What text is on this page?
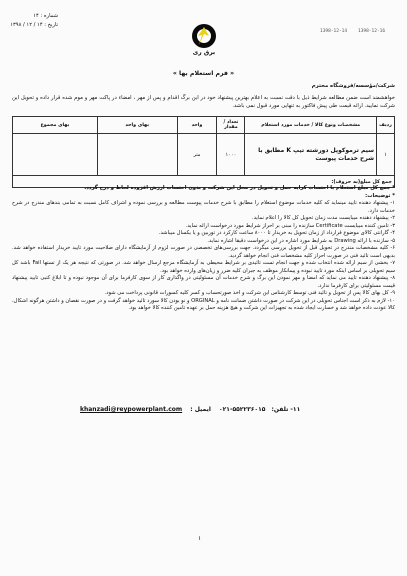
شماره : ۱۴
تاریخ : ۱۴ / ۱۲ / ۱۳۹۸
1398-12-14 1398-12-16
برق ری
« فرم استعلام بها »
شرکت/مؤسسه/فروشگاه محترم
خواهشمند است ضمن مطالعه شرایط ذیل با دقت نسبت به اعلام بهترین پیشنهاد خود در این برگ اقدام و پس از مهر ، امضاء در پاکت مهر و موم شده قرار داده و تحویل این شرکت نمایید. ارائه قیمت طی پیش فاکتور به تنهایی مورد قبول نمی باشد.
ردیف	مشخصات ونوع کالا / خدمات مورد استعلام	تعداد / مقدار	واحد	بهای واحد	بهای مجموع
۱	سیم ترموکوپل دورشته تیپ K مطابق با شرح خدمات پیوست	۱۰۰۰	متر		
جمع کل مبلغ(به حروف):					

* جمع کل مبلغ استعلام با احتساب کرایه حمل و تحویل در محل این شرکت و بدون احتساب ارزش افزوده لحاظ و درج گردد.

* توضیحات:

۱- پیشنهاد دهنده تایید مینماید که کلیه خدمات موضوع استعلام را مطابق با شرح خدمات پیوست مطالعه و بررسی نموده و اشراف کامل نسبت به تمامی بندهای مندرج در شرح خدمات دارد.

۲- پیشنهاد دهنده میبایست مدت زمان تحویل کل کالا را اعلام نماید.

۳- تامین کننده میبایست Certificate سازنده را مبنی بر احراز شرایط مورد درخواست ارائه نماید.

۴- گارانتی کالای موضوع قرارداد از زمان تحویل به خریدار تا ۸۰۰۰ ساعت کارکرد در توربین و یا یکسال میباشد.

۵- سازنده با ارائه Drawing به شرایط مورد اشاره در این درخواست دقیقا اشاره نماید.

۶- کلیه مشخصات مندرج در تحویل قبل از تحویل بررسی میگردد. جهت بررسی‌های تخصصی در صورت لزوم از آزمایشگاه دارای صلاحیت مورد تایید خریدار استفاده خواهد شد. بدیهی است تائید فنی در صورت احراز کلیه مشخصات فنی انجام خواهد گردید.

۷- بخشی از سیم ارائه شده انتخاب شده و جهت انجام تست تائیدی بر شرایط محیطی به آزمایشگاه مرجع ارسال خواهد شد. در صورتی که نتیجه هر یک از تستها Fail باشد کل سیم تحویلی بر اساس اینکه مورد تایید نبوده و پیمانکار موظف به جبران کلیه ضرر و زیان‌های وارده خواهد بود.

۸- پیشنهاد دهنده تایید می نماید که امضا و مهر نمودن این برگ و شرح خدمات آن مسئولیتی در واگذاری کار از سوی کارفرما برای آن موجود نبوده و تا ابلاغ کتبی تایید پیشنهاد قیمت مسئولیتی برای کارفرما ندارد.

۹- کل بهای کالا پس از تحویل و تائید فنی توسط کارشناس این شرکت و اخذ صورتحساب و کسر کلیه کسورات قانونی پرداخت می شود.

۱۰- لازم به ذکر است اجناس تحویلی در این شرکت در صورت داشتن ضمانت نامه و ORGINAL و نو بودن کالا سورد تائید خواهد گرفت و در صورت نقصان و داشتن هرگونه اشکال، کالا عودت داده خواهد شد و خسارت ایجاد شده به تجهیزات این شرکت و هیچ هزینه حمل بر عهده تامین کننده کالا خواهد بود.

khanzadi@reypowerplant.com ایمیل : ۰۲۱-۵۵۲۲۳۶۰۱۵ ۱۱- تلفن:
۱
